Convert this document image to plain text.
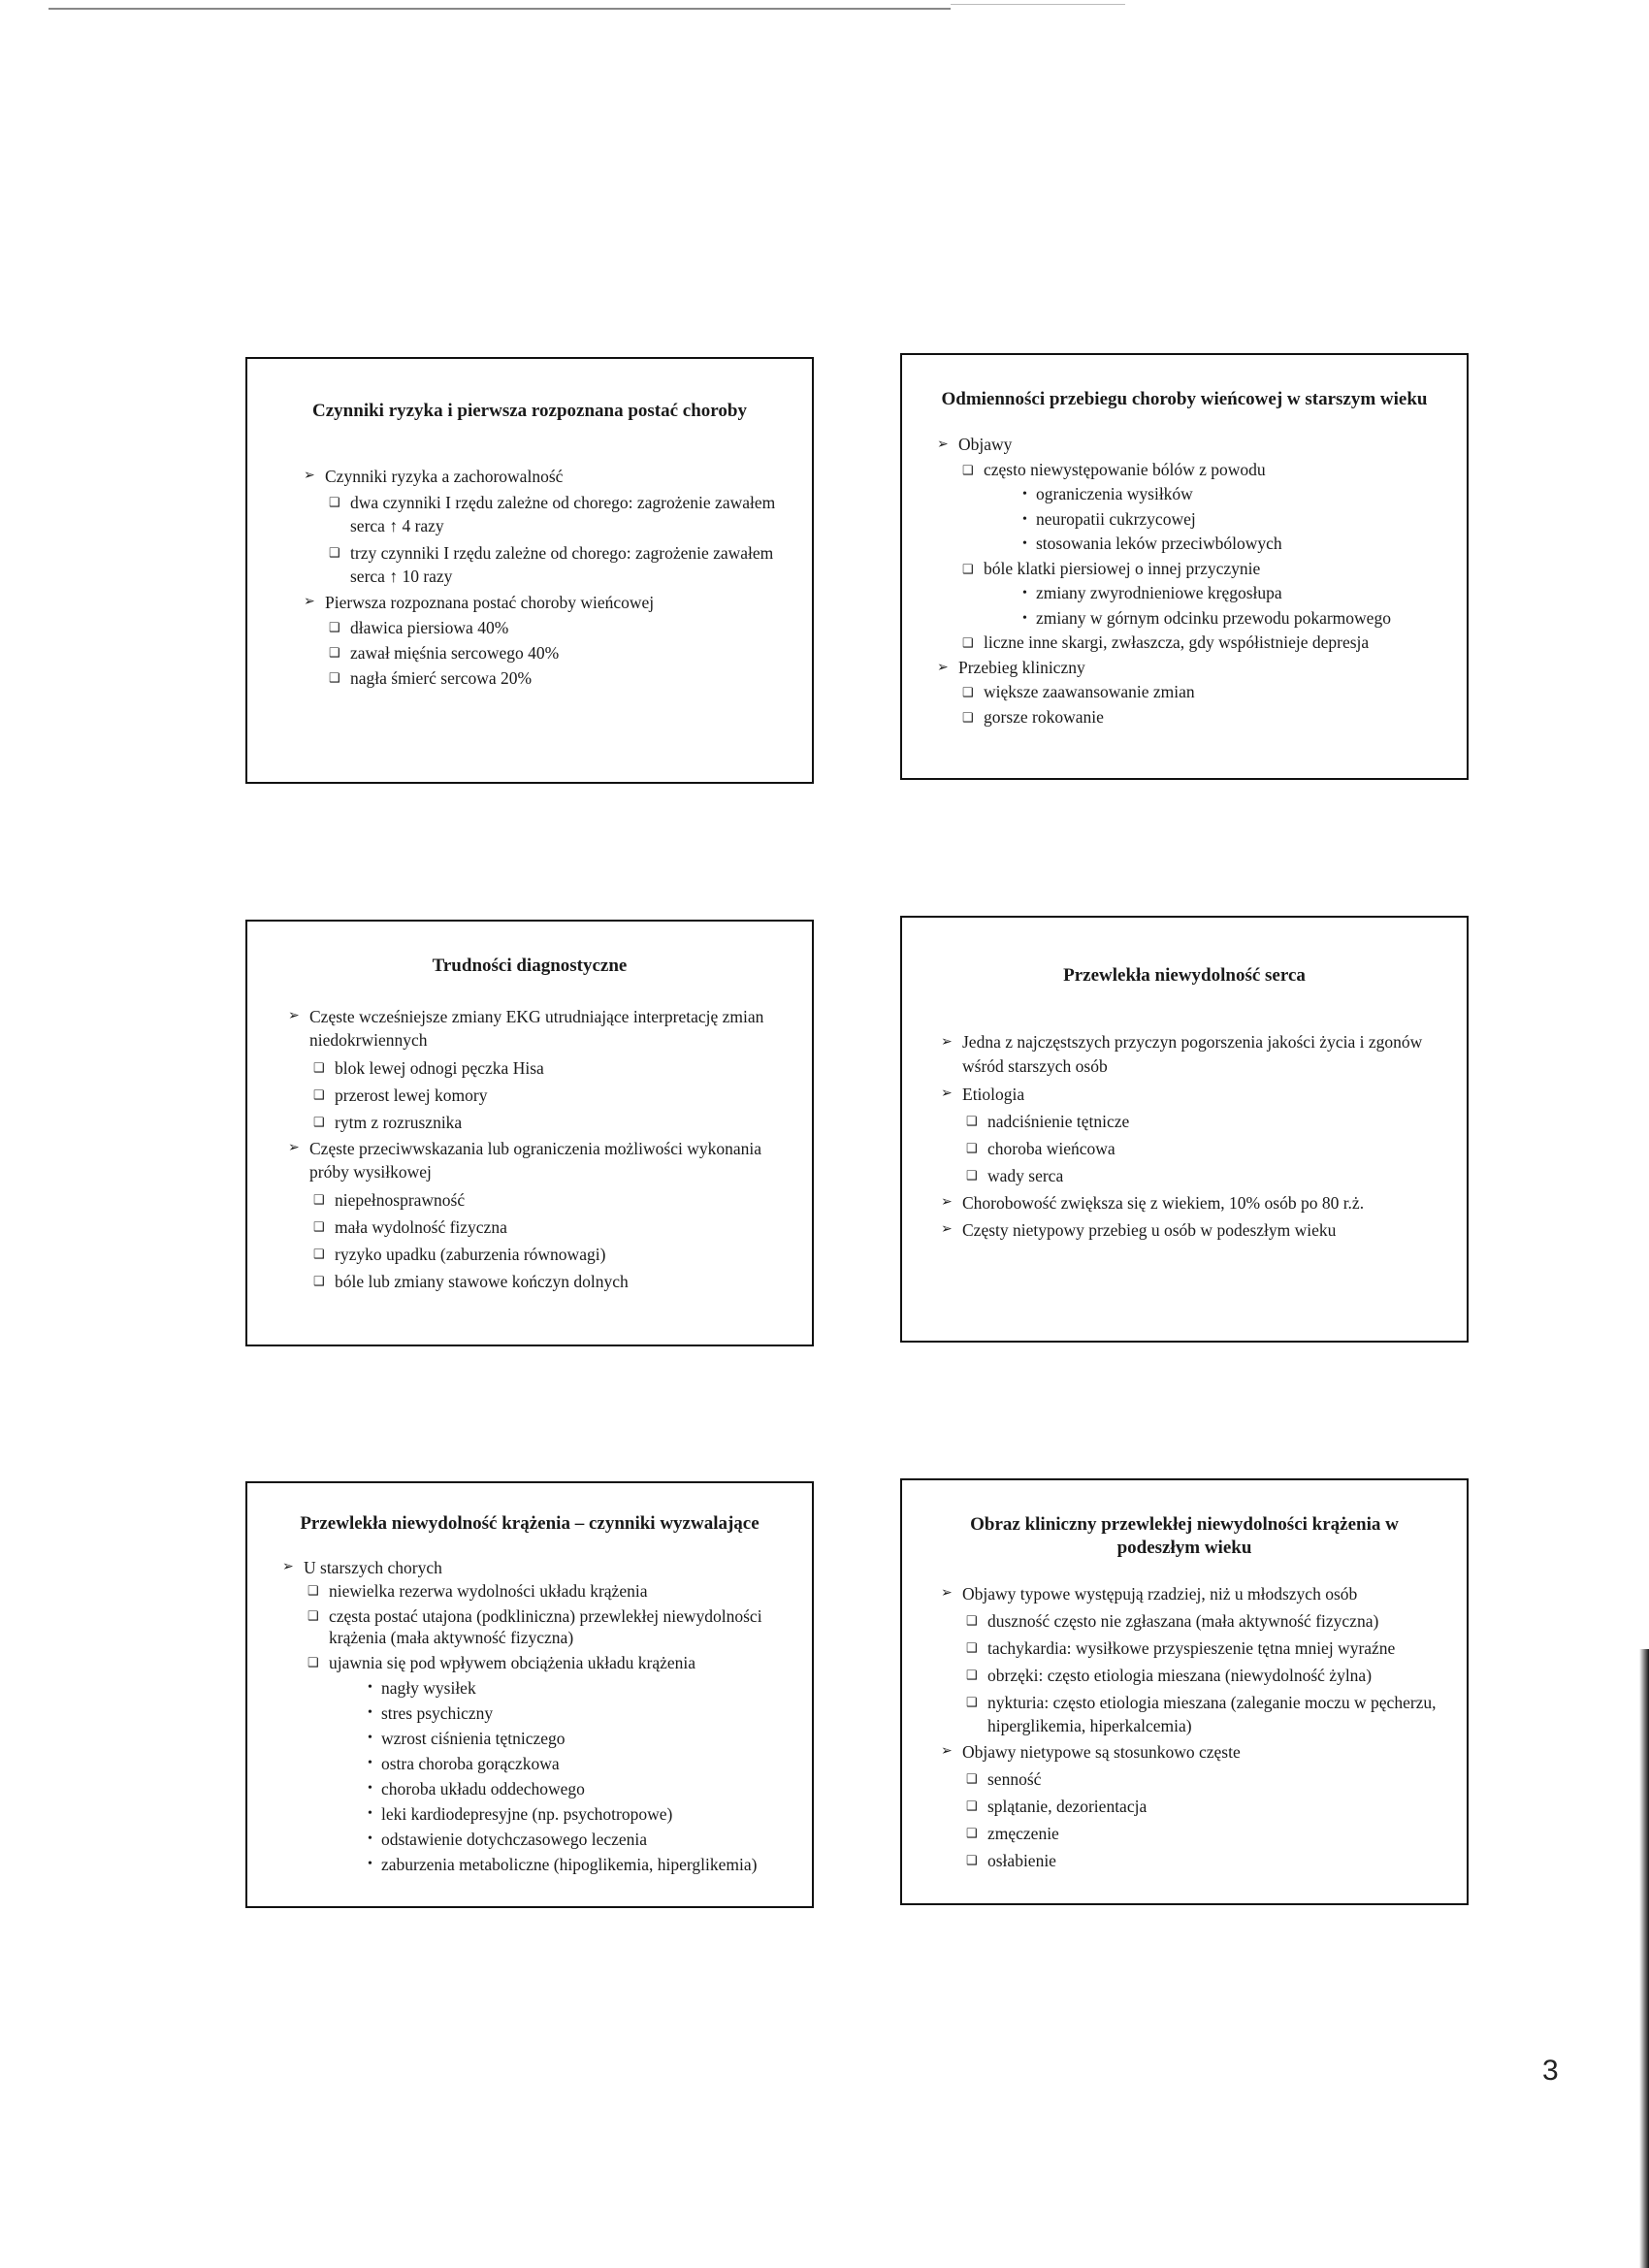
Czynniki ryzyka i pierwsza rozpoznana postać choroby
➢ Czynniki ryzyka a zachorowalność
❑ dwa czynniki I rzędu zależne od chorego: zagrożenie zawałem serca ↑ 4 razy
❑ trzy czynniki I rzędu zależne od chorego: zagrożenie zawałem serca ↑ 10 razy
➢ Pierwsza rozpoznana postać choroby wieńcowej
❑ dławica piersiowa 40%
❑ zawał mięśnia sercowego 40%
❑ nagła śmierć sercowa 20%
Odmienności przebiegu choroby wieńcowej w starszym wieku
➢ Objawy
❑ często niewystępowanie bólów z powodu
• ograniczenia wysiłków
• neuropatii cukrzycowej
• stosowania leków przeciwbólowych
❑ bóle klatki piersiowej o innej przyczynie
• zmiany zwyrodnieniowe kręgosłupa
• zmiany w górnym odcinku przewodu pokarmowego
❑ liczne inne skargi, zwłaszcza, gdy współistnieje depresja
➢ Przebieg kliniczny
❑ większe zaawansowanie zmian
❑ gorsze rokowanie
Trudności diagnostyczne
➢ Częste wcześniejsze zmiany EKG utrudniające interpretację zmian niedokrwiennych
❑ blok lewej odnogi pęczka Hisa
❑ przerost lewej komory
❑ rytm z rozrusznika
➢ Częste przeciwwskazania lub ograniczenia możliwości wykonania próby wysiłkowej
❑ niepełnosprawność
❑ mała wydolność fizyczna
❑ ryzyko upadku (zaburzenia równowagi)
❑ bóle lub zmiany stawowe kończyn dolnych
Przewlekła niewydolność serca
➢ Jedna z najczęstszych przyczyn pogorszenia jakości życia i zgonów wśród starszych osób
➢ Etiologia
❑ nadciśnienie tętnicze
❑ choroba wieńcowa
❑ wady serca
➢ Chorobowość zwiększa się z wiekiem, 10% osób po 80 r.ż.
➢ Częsty nietypowy przebieg u osób w podeszłym wieku
Przewlekła niewydolność krążenia – czynniki wyzwalające
➢ U starszych chorych
❑ niewielka rezerwa wydolności układu krążenia
❑ częsta postać utajona (podkliniczna) przewlekłej niewydolności krążenia (mała aktywność fizyczna)
❑ ujawnia się pod wpływem obciążenia układu krążenia
• nagły wysiłek
• stres psychiczny
• wzrost ciśnienia tętniczego
• ostra choroba gorączkowa
• choroba układu oddechowego
• leki kardiodepresyjne (np. psychotropowe)
• odstawienie dotychczasowego leczenia
• zaburzenia metaboliczne (hipoglikemia, hiperglikemia)
Obraz kliniczny przewlekłej niewydolności krążenia w podeszłym wieku
➢ Objawy typowe występują rzadziej, niż u młodszych osób
❑ duszność często nie zgłaszana (mała aktywność fizyczna)
❑ tachykardia: wysiłkowe przyspieszenie tętna mniej wyraźne
❑ obrzęki: często etiologia mieszana (niewydolność żylna)
❑ nykturia: często etiologia mieszana (zaleganie moczu w pęcherzu, hiperglikemia, hiperkalcemia)
➢ Objawy nietypowe są stosunkowo częste
❑ senność
❑ splątanie, dezorientacja
❑ zmęczenie
❑ osłabienie
3
